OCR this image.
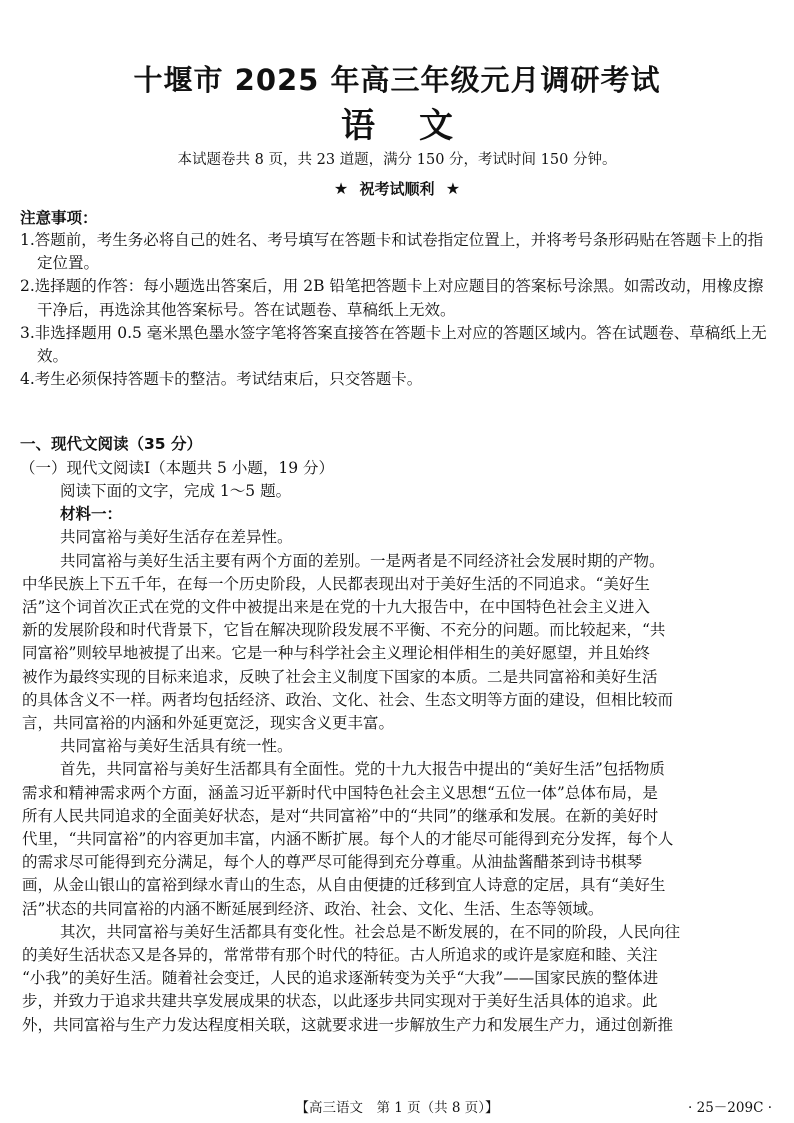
十堰市 2025 年高三年级元月调研考试
语文
本试题卷共 8 页，共 23 道题，满分 150 分，考试时间 150 分钟。
★ 祝考试顺利 ★
注意事项：
1.答题前，考生务必将自己的姓名、考号填写在答题卡和试卷指定位置上，并将考号条形码贴在答题卡上的指定位置。
2.选择题的作答：每小题选出答案后，用 2B 铅笔把答题卡上对应题目的答案标号涂黑。如需改动，用橡皮擦干净后，再选涂其他答案标号。答在试题卷、草稿纸上无效。
3.非选择题用 0.5 毫米黑色墨水签字笔将答案直接答在答题卡上对应的答题区域内。答在试题卷、草稿纸上无效。
4.考生必须保持答题卡的整洁。考试结束后，只交答题卡。
一、现代文阅读（35 分）
（一）现代文阅读Ⅰ（本题共 5 小题，19 分）
阅读下面的文字，完成 1～5 题。
材料一：
共同富裕与美好生活存在差异性。
共同富裕与美好生活主要有两个方面的差别。一是两者是不同经济社会发展时期的产物。
中华民族上下五千年，在每一个历史阶段，人民都表现出对于美好生活的不同追求。“美好生
活”这个词首次正式在党的文件中被提出来是在党的十九大报告中，在中国特色社会主义进入
新的发展阶段和时代背景下，它旨在解决现阶段发展不平衡、不充分的问题。而比较起来，“共
同富裕”则较早地被提了出来。它是一种与科学社会主义理论相伴相生的美好愿望，并且始终
被作为最终实现的目标来追求，反映了社会主义制度下国家的本质。二是共同富裕和美好生活
的具体含义不一样。两者均包括经济、政治、文化、社会、生态文明等方面的建设，但相比较而
言，共同富裕的内涵和外延更宽泛，现实含义更丰富。
共同富裕与美好生活具有统一性。
首先，共同富裕与美好生活都具有全面性。党的十九大报告中提出的“美好生活”包括物质
需求和精神需求两个方面，涵盖习近平新时代中国特色社会主义思想“五位一体”总体布局，是
所有人民共同追求的全面美好状态，是对“共同富裕”中的“共同”的继承和发展。在新的美好时
代里，“共同富裕”的内容更加丰富，内涵不断扩展。每个人的才能尽可能得到充分发挥，每个人
的需求尽可能得到充分满足，每个人的尊严尽可能得到充分尊重。从油盐酱醋茶到诗书棋琴
画，从金山银山的富裕到绿水青山的生态，从自由便捷的迁移到宜人诗意的定居，具有“美好生
活”状态的共同富裕的内涵不断延展到经济、政治、社会、文化、生活、生态等领域。
其次，共同富裕与美好生活都具有变化性。社会总是不断发展的，在不同的阶段，人民向往
的美好生活状态又是各异的，常常带有那个时代的特征。古人所追求的或许是家庭和睦、关注
“小我”的美好生活。随着社会变迁，人民的追求逐渐转变为关乎“大我”——国家民族的整体进
步，并致力于追求共建共享发展成果的状态，以此逐步共同实现对于美好生活具体的追求。此
外，共同富裕与生产力发达程度相关联，这就要求进一步解放生产力和发展生产力，通过创新推
【高三语文　第 1 页（共 8 页）】	· 25－209C ·
